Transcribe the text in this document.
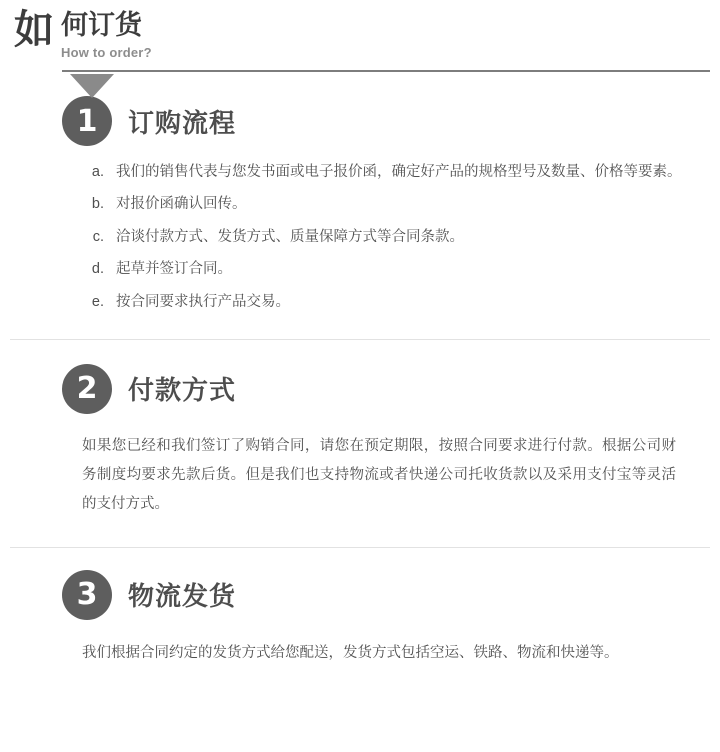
如 何订货
How to order?
1	订购流程
a. 我们的销售代表与您发书面或电子报价函，确定好产品的规格型号及数量、价格等要素。
b. 对报价函确认回传。
c. 洽谈付款方式、发货方式、质量保障方式等合同条款。
d. 起草并签订合同。
e. 按合同要求执行产品交易。
2	付款方式
如果您已经和我们签订了购销合同，请您在预定期限，按照合同要求进行付款。根据公司财务制度均要求先款后货。但是我们也支持物流或者快递公司托收货款以及采用支付宝等灵活的支付方式。
3	物流发货
我们根据合同约定的发货方式给您配送，发货方式包括空运、铁路、物流和快递等。
